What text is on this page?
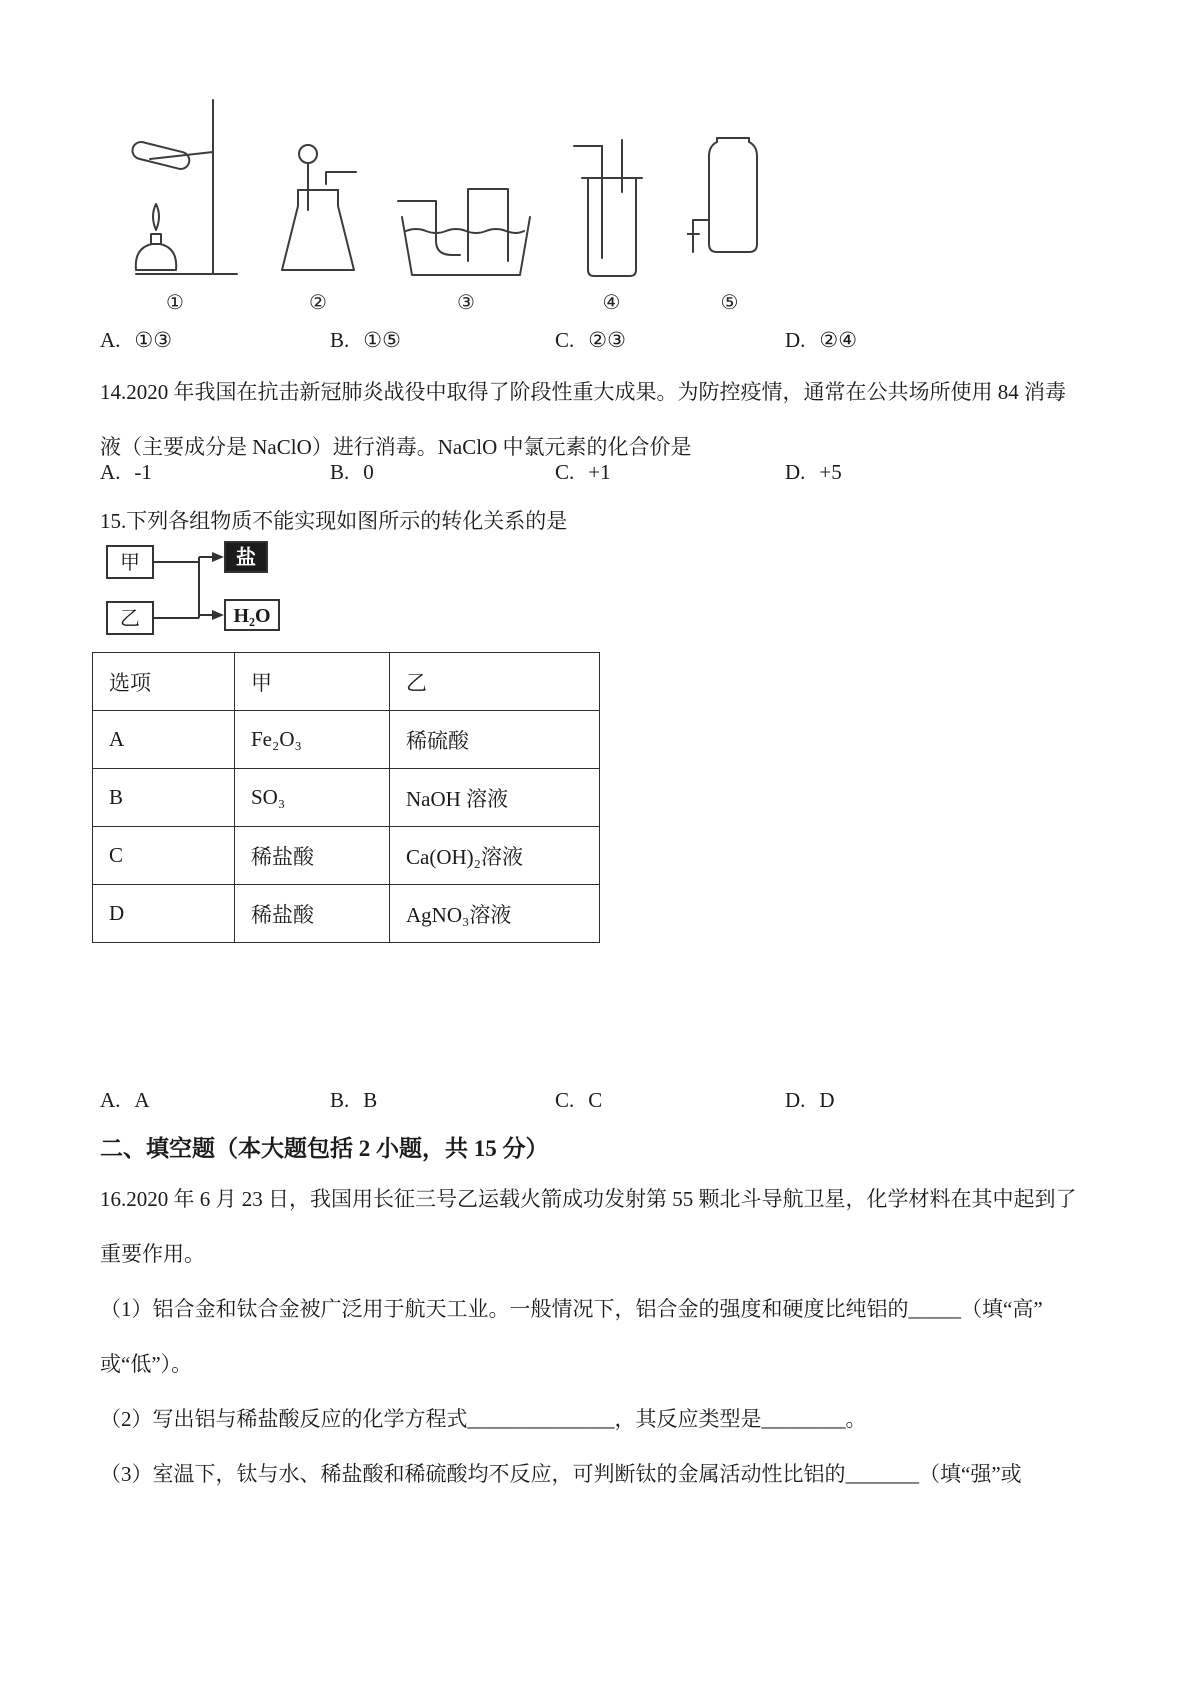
①	②	③	④	⑤
A. ①③	B. ①⑤	C. ②③	D. ②④
14.2020 年我国在抗击新冠肺炎战役中取得了阶段性重大成果。为防控疫情，通常在公共场所使用 84 消毒
液（主要成分是 NaClO）进行消毒。NaClO 中氯元素的化合价是
A. -1	B. 0	C. +1	D. +5
15.下列各组物质不能实现如图所示的转化关系的是
甲
乙
盐
H₂O
选项	甲	乙
A	Fe₂O₃	稀硫酸
B	SO₃	NaOH 溶液
C	稀盐酸	Ca(OH)₂溶液
D	稀盐酸	AgNO₃溶液
A. A	B. B	C. C	D. D
二、填空题（本大题包括 2 小题，共 15 分）
16.2020 年 6 月 23 日，我国用长征三号乙运载火箭成功发射第 55 颗北斗导航卫星，化学材料在其中起到了
重要作用。
（1）铝合金和钛合金被广泛用于航天工业。一般情况下，铝合金的强度和硬度比纯铝的_____（填“高”
或“低”）。
（2）写出铝与稀盐酸反应的化学方程式______________，其反应类型是________。
（3）室温下，钛与水、稀盐酸和稀硫酸均不反应，可判断钛的金属活动性比铝的_______（填“强”或
